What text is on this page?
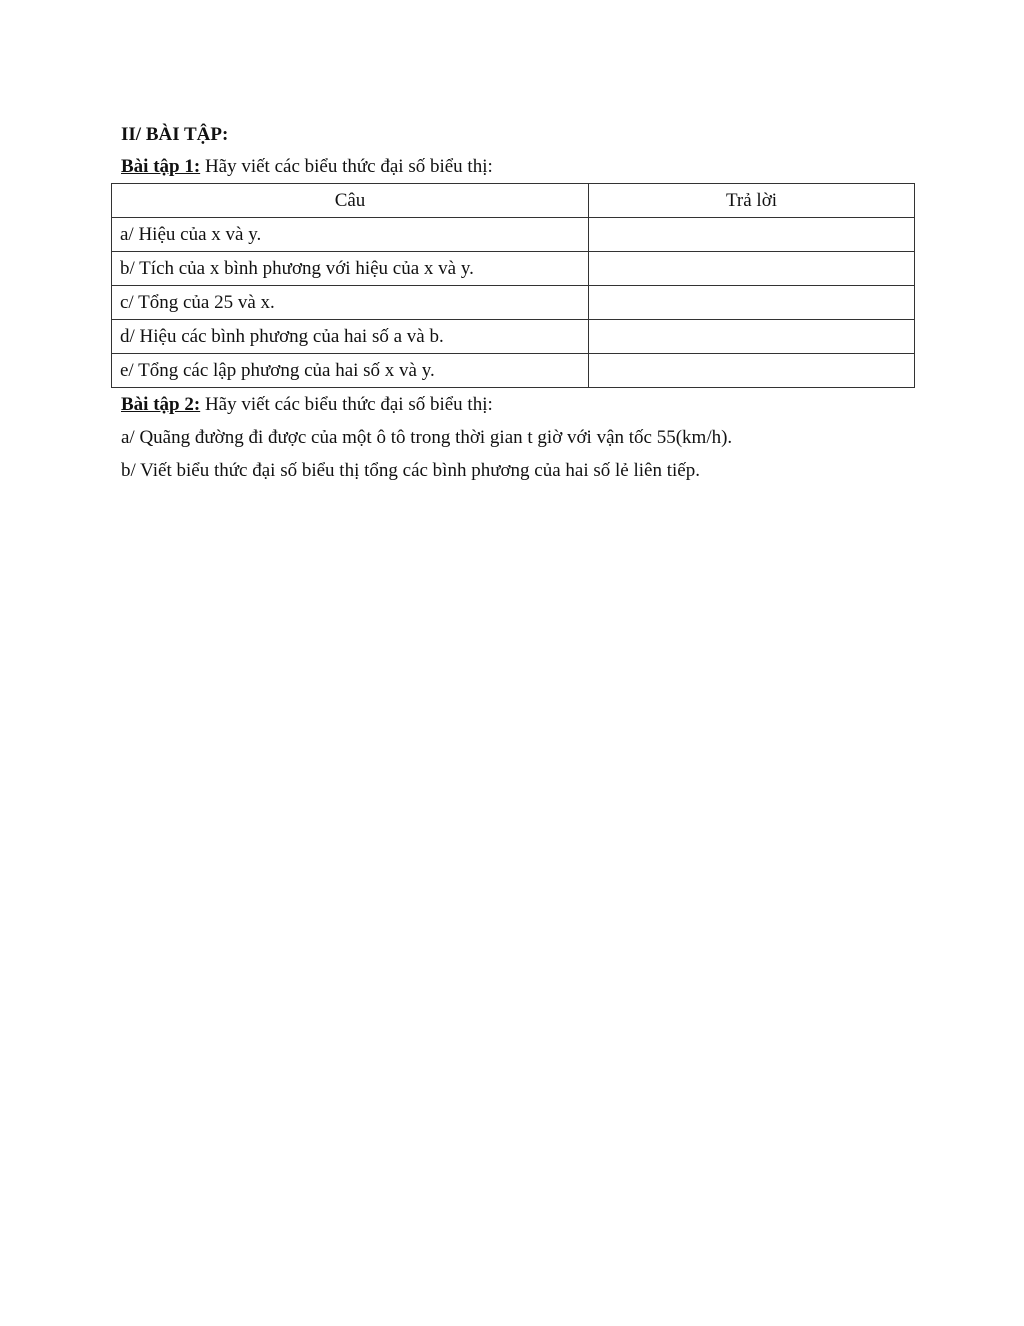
II/ BÀI TẬP:

Bài tập 1: Hãy viết các biểu thức đại số biểu thị:

Câu	Trả lời
a/ Hiệu của x và y.	
b/ Tích của x bình phương với hiệu của x và y.	
c/ Tổng của 25 và x.	
d/ Hiệu các bình phương của hai số a và b.	
e/ Tổng các lập phương của hai số x và y.	

Bài tập 2: Hãy viết các biểu thức đại số biểu thị:

a/ Quãng đường đi được của một ô tô trong thời gian t giờ với vận tốc 55(km/h).

b/ Viết biểu thức đại số biểu thị tổng các bình phương của hai số lẻ liên tiếp.
